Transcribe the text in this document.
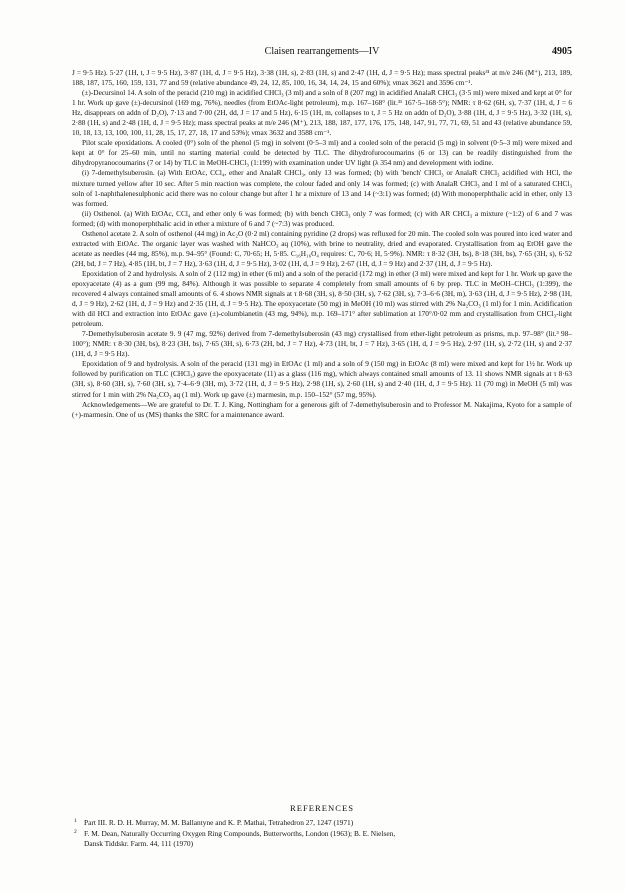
Claisen rearrangements—IV	4905

J = 9·5 Hz). 5·27 (1H, t, J = 9·5 Hz), 3·87 (1H, d, J = 9·5 Hz), 3·38 (1H, s), 2·83 (1H, s) and 2·47 (1H, d, J = 9·5 Hz); mass spectral peaks³¹ at m/e 246 (M⁺), 213, 189, 188, 187, 175, 160, 159, 131, 77 and 59 (relative abundance 49, 24, 12, 85, 100, 16, 34, 14, 24, 15 and 60%); νmax 3621 and 3596 cm⁻¹.

(±)-Decursinol 14. A soln of the peracid (210 mg) in acidified CHCl₃ (3 ml) and a soln of 8 (207 mg) in acidified AnalaR CHCl₃ (3·5 ml) were mixed and kept at 0° for 1 hr. Work up gave (±)-decursinol (169 mg, 76%), needles (from EtOAc-light petroleum), m.p. 167–168° (lit.³¹ 167·5–168·5°); NMR: τ 8·62 (6H, s), 7·37 (1H, d, J = 6 Hz, disappears on addn of D₂O), 7·13 and 7·00 (2H, dd, J = 17 and 5 Hz), 6·15 (1H, m, collapses to t, J = 5 Hz on addn of D₂O), 3·88 (1H, d, J = 9·5 Hz), 3·32 (1H, s), 2·88 (1H, s) and 2·48 (1H, d, J = 9·5 Hz); mass spectral peaks at m/e 246 (M⁺), 213, 188, 187, 177, 176, 175, 148, 147, 91, 77, 71, 69, 51 and 43 (relative abundance 59, 10, 18, 13, 13, 100, 100, 11, 28, 15, 17, 27, 18, 17 and 53%); νmax 3632 and 3588 cm⁻¹.

Pilot scale epoxidations. A cooled (0°) soln of the phenol (5 mg) in solvent (0·5–3 ml) and a cooled soln of the peracid (5 mg) in solvent (0·5–3 ml) were mixed and kept at 0° for 25–60 min, until no starting material could be detected by TLC. The dihydrofurocoumarins (6 or 13) can be readily distinguished from the dihydropyranocoumarins (7 or 14) by TLC in MeOH-CHCl₃ (1:199) with examination under UV light (λ 354 nm) and development with iodine.

(i) 7-demethylsuberosin. (a) With EtOAc, CCl₄, ether and AnalaR CHCl₃, only 13 was formed; (b) with 'bench' CHCl₃ or AnalaR CHCl₃ acidified with HCl, the mixture turned yellow after 10 sec. After 5 min reaction was complete, the colour faded and only 14 was formed; (c) with AnalaR CHCl₃ and 1 ml of a saturated CHCl₃ soln of 1-naphthalenesulphonic acid there was no colour change but after 1 hr a mixture of 13 and 14 (~3:1) was formed; (d) With monoperphthalic acid in ether, only 13 was formed.

(ii) Osthenol. (a) With EtOAc, CCl₄ and ether only 6 was formed; (b) with bench CHCl₃ only 7 was formed; (c) with AR CHCl₃ a mixture (~1:2) of 6 and 7 was formed; (d) with monoperphthalic acid in ether a mixture of 6 and 7 (~7:3) was produced.

Osthenol acetate 2. A soln of osthenol (44 mg) in Ac₂O (0·2 ml) containing pyridine (2 drops) was refluxed for 20 min. The cooled soln was poured into iced water and extracted with EtOAc. The organic layer was washed with NaHCO₃ aq (10%), with brine to neutrality, dried and evaporated. Crystallisation from aq EtOH gave the acetate as needles (44 mg, 85%), m.p. 94–95° (Found: C, 70·65; H, 5·85. C₁₆H₁₆O₄ requires: C, 70·6; H, 5·9%). NMR: τ 8·32 (3H, bs), 8·18 (3H, bs), 7·65 (3H, s), 6·52 (2H, bd, J = 7 Hz), 4·85 (1H, bt, J = 7 Hz), 3·63 (1H, d, J = 9·5 Hz), 3·02 (1H, d, J = 9 Hz), 2·67 (1H, d, J = 9 Hz) and 2·37 (1H, d, J = 9·5 Hz).

Epoxidation of 2 and hydrolysis. A soln of 2 (112 mg) in ether (6 ml) and a soln of the peracid (172 mg) in ether (3 ml) were mixed and kept for 1 hr. Work up gave the epoxyacetate (4) as a gum (99 mg, 84%). Although it was possible to separate 4 completely from small amounts of 6 by prep. TLC in MeOH–CHCl₃ (1:399), the recovered 4 always contained small amounts of 6. 4 shows NMR signals at τ 8·68 (3H, s), 8·50 (3H, s), 7·62 (3H, s), 7·3–6·6 (3H, m), 3·63 (1H, d, J = 9·5 Hz), 2·98 (1H, d, J = 9 Hz), 2·62 (1H, d, J = 9 Hz) and 2·35 (1H, d, J = 9·5 Hz). The epoxyacetate (50 mg) in MeOH (10 ml) was stirred with 2% Na₂CO₃ (1 ml) for 1 min. Acidification with dil HCl and extraction into EtOAc gave (±)-columbianetin (43 mg, 94%), m.p. 169–171° after sublimation at 170°/0·02 mm and crystallisation from CHCl₃-light petroleum.

7-Demethylsuberosin acetate 9. 9 (47 mg, 92%) derived from 7-demethylsuberosin (43 mg) crystallised from ether-light petroleum as prisms, m.p. 97–98° (lit.³ 98–100°); NMR: τ 8·30 (3H, bs), 8·23 (3H, bs), 7·65 (3H, s), 6·73 (2H, bd, J = 7 Hz), 4·73 (1H, bt, J = 7 Hz), 3·65 (1H, d, J = 9·5 Hz), 2·97 (1H, s), 2·72 (1H, s) and 2·37 (1H, d, J = 9·5 Hz).

Epoxidation of 9 and hydrolysis. A soln of the peracid (131 mg) in EtOAc (1 ml) and a soln of 9 (150 mg) in EtOAc (8 ml) were mixed and kept for 1½ hr. Work up followed by purification on TLC (CHCl₃) gave the epoxyacetate (11) as a glass (116 mg), which always contained small amounts of 13. 11 shows NMR signals at τ 8·63 (3H, s), 8·60 (3H, s), 7·60 (3H, s), 7·4–6·9 (3H, m), 3·72 (1H, d, J = 9·5 Hz), 2·98 (1H, s), 2·60 (1H, s) and 2·40 (1H, d, J = 9·5 Hz). 11 (70 mg) in MeOH (5 ml) was stirred for 1 min with 2% Na₂CO₃ aq (1 ml). Work up gave (±) marmesin, m.p. 150–152° (57 mg, 95%).

Acknowledgements—We are grateful to Dr. T. J. King, Nottingham for a generous gift of 7-demethylsuberosin and to Professor M. Nakajima, Kyoto for a sample of (+)-marmesin. One of us (MS) thanks the SRC for a maintenance award.

REFERENCES
1 Part III. R. D. H. Murray, M. M. Ballantyne and K. P. Mathai, Tetrahedron 27, 1247 (1971)
2 F. M. Dean, Naturally Occurring Oxygen Ring Compounds, Butterworths, London (1963); B. E. Nielsen,
Dansk Tiddskr. Farm. 44, 111 (1970)
